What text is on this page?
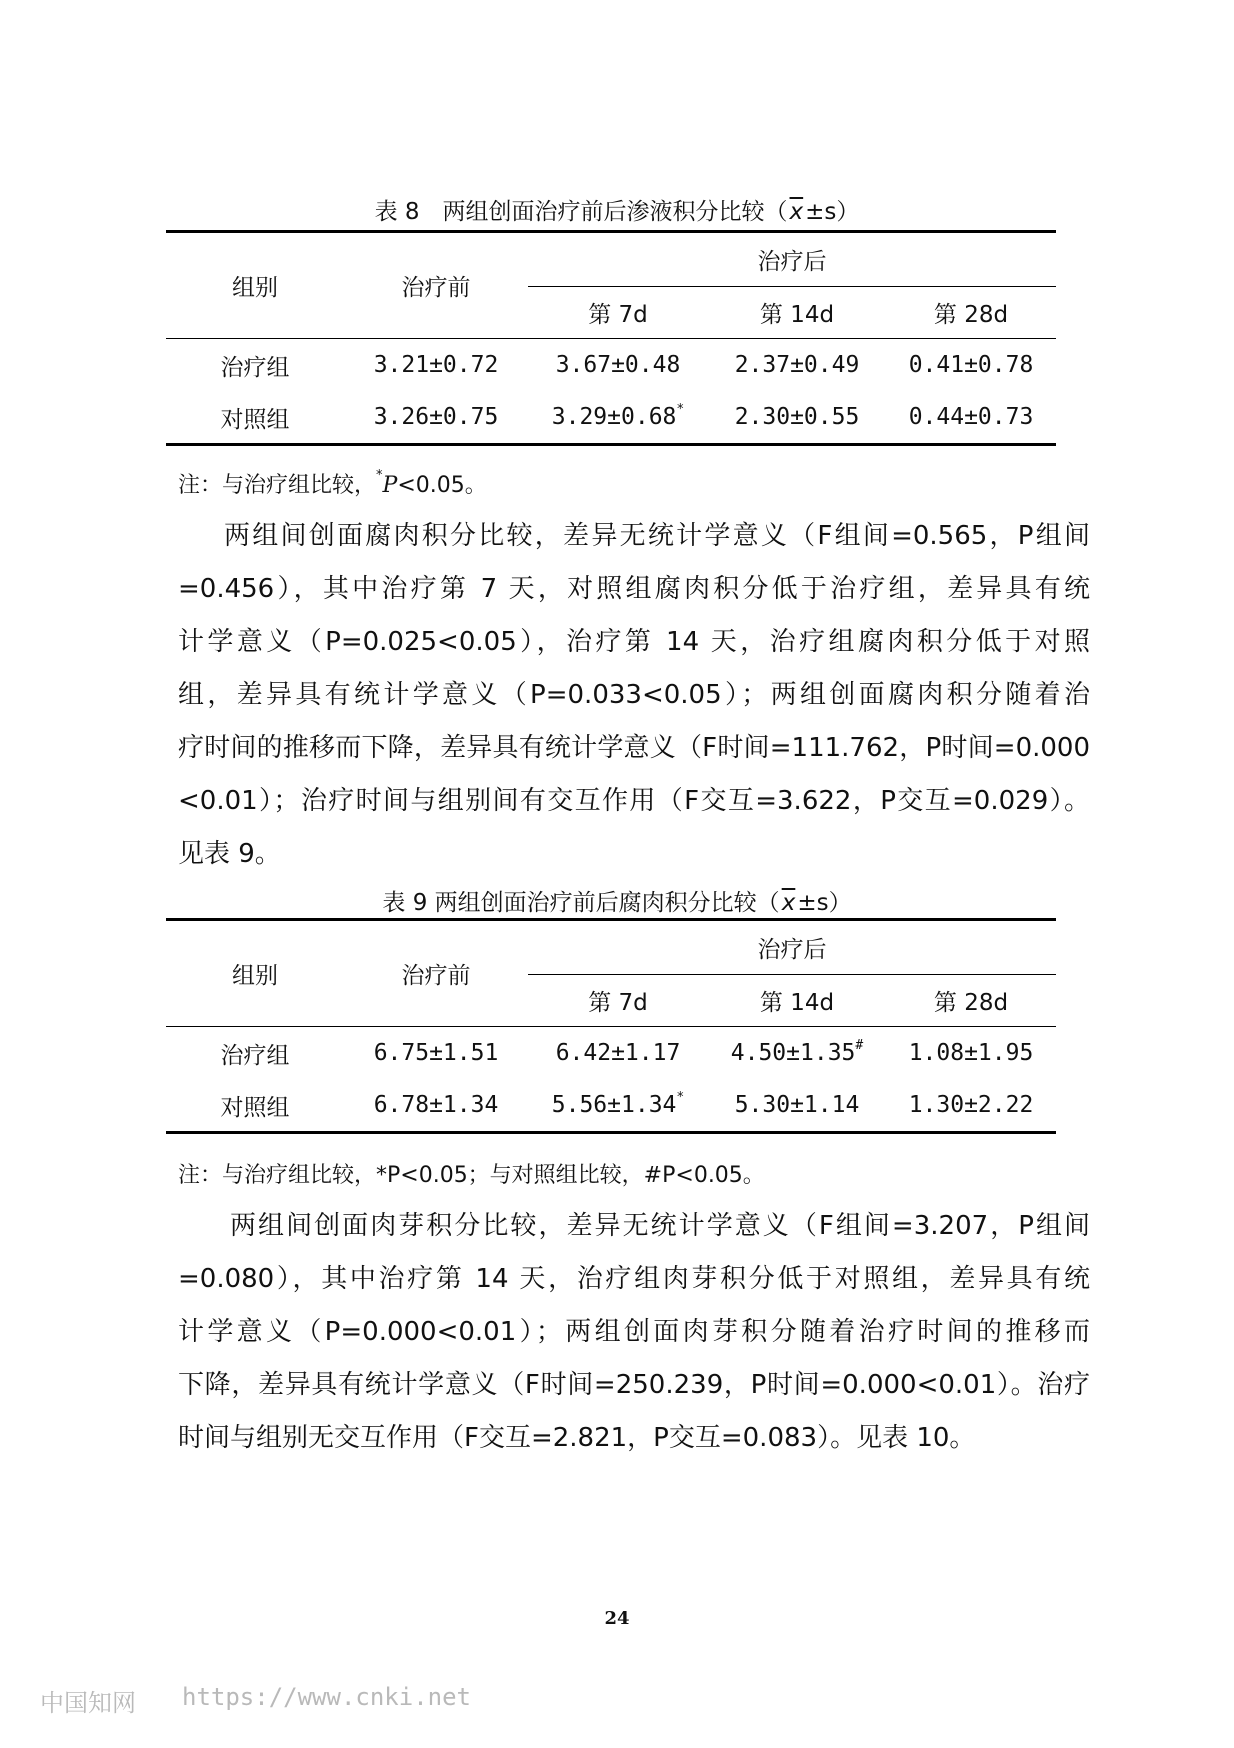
表 8　两组创面治疗前后渗液积分比较$(\overline{x}\pm s)$
组别	治疗前	治疗后		
		第 7d	第 14d	第 28d
治疗组	3.21±0.72	3.67±0.48	2.37±0.49	0.41±0.78
对照组	3.26±0.75	3.29±0.68*	2.30±0.55	0.44±0.73
注：与治疗组比较，*P<0.05。
两组间创面腐肉积分比较，差异无统计学意义（F组间=0.565，P组间
=0.456），其中治疗第 7 天，对照组腐肉积分低于治疗组，差异具有统
计学意义（P=0.025<0.05），治疗第 14 天，治疗组腐肉积分低于对照
组，差异具有统计学意义（P=0.033<0.05）；两组创面腐肉积分随着治
疗时间的推移而下降，差异具有统计学意义（F时间=111.762，P时间=0.000
<0.01）；治疗时间与组别间有交互作用（F交互=3.622，P交互=0.029）。
见表 9。
表 9 两组创面治疗前后腐肉积分比较$(\overline{x}\pm s)$
组别	治疗前	治疗后		
		第 7d	第 14d	第 28d
治疗组	6.75±1.51	6.42±1.17	4.50±1.35#	1.08±1.95
对照组	6.78±1.34	5.56±1.34*	5.30±1.14	1.30±2.22
注：与治疗组比较，*P<0.05；与对照组比较，#P<0.05。
两组间创面肉芽积分比较，差异无统计学意义（F组间=3.207，P组间
=0.080），其中治疗第 14 天，治疗组肉芽积分低于对照组，差异具有统
计学意义（P=0.000<0.01）；两组创面肉芽积分随着治疗时间的推移而
下降，差异具有统计学意义（F时间=250.239，P时间=0.000<0.01）。治疗
时间与组别无交互作用（F交互=2.821，P交互=0.083）。见表 10。
24
中国知网 https://www.cnki.net
